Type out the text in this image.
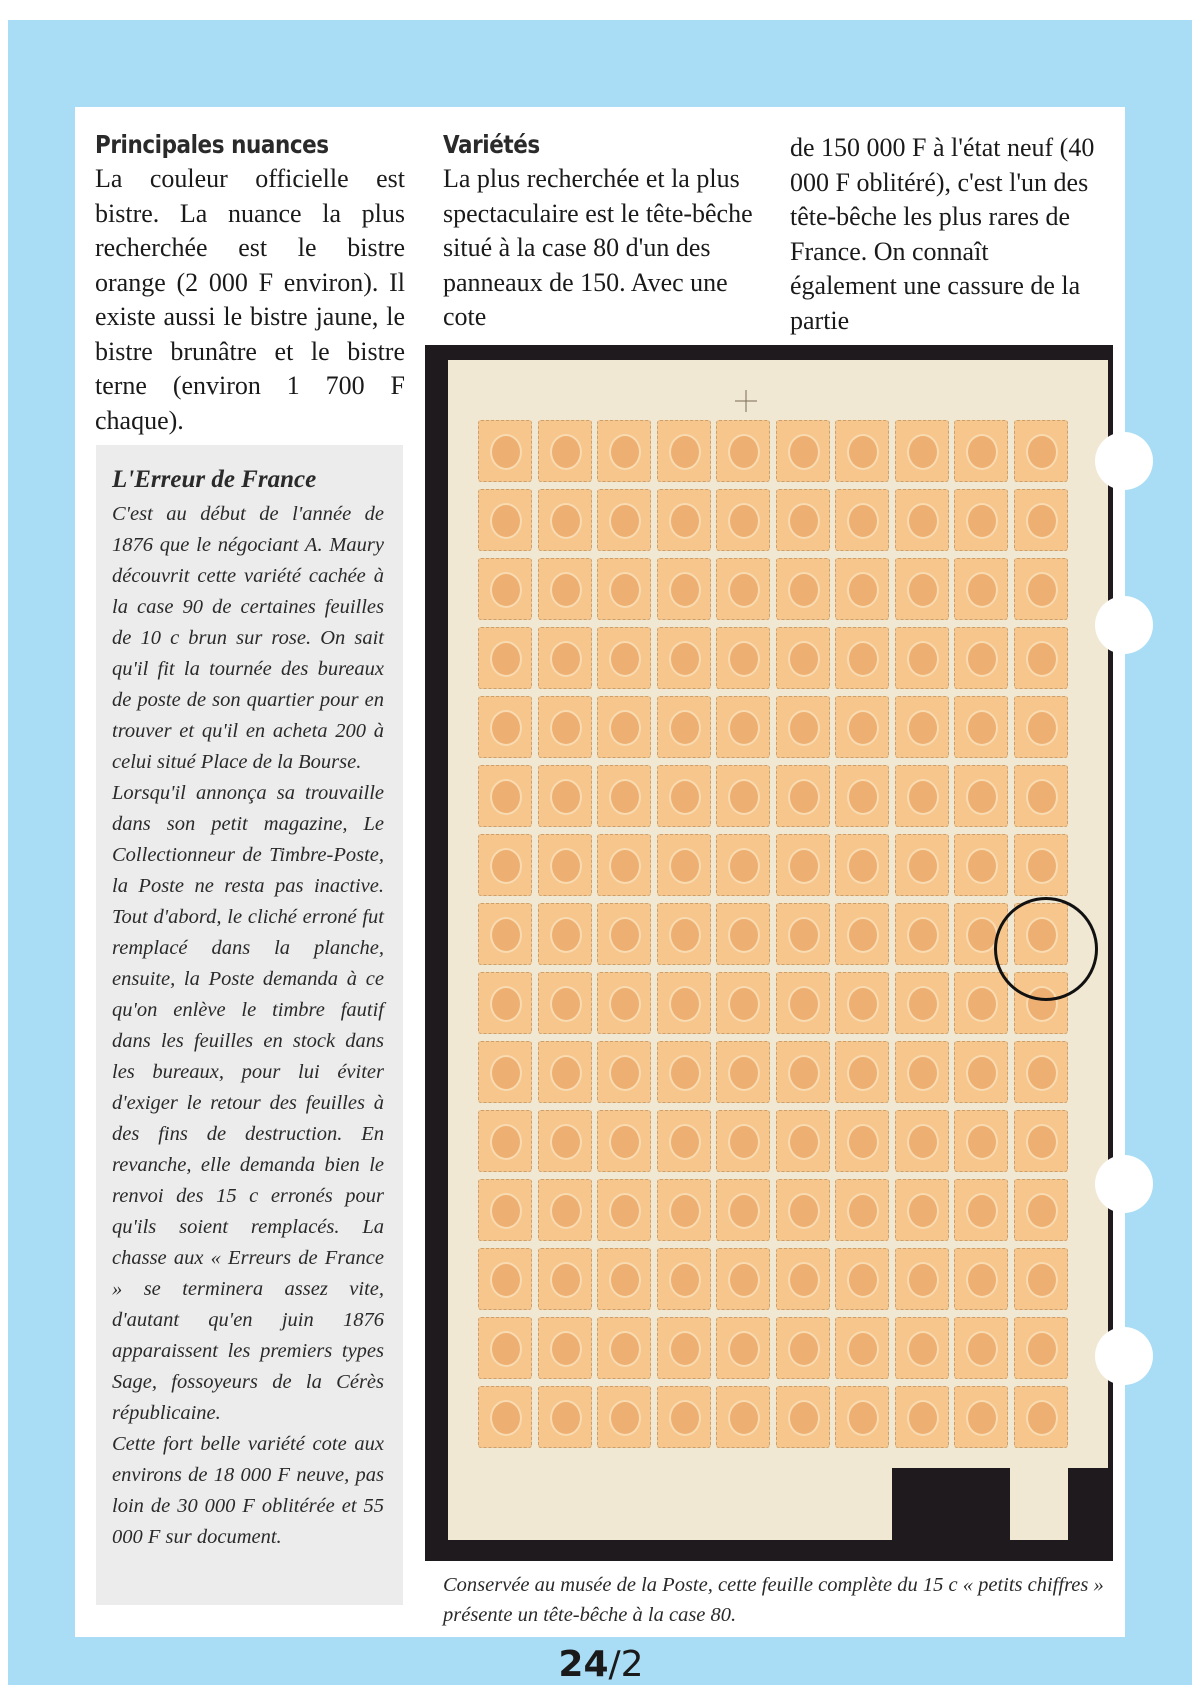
Principales nuances

La couleur officielle est bistre. La nuance la plus recherchée est le bistre orange (2 000 F environ). Il existe aussi le bistre jaune, le bistre brunâtre et le bistre terne (environ 1 700 F chaque).

Variétés

La plus recherchée et la plus spectaculaire est le tête-bêche situé à la case 80 d'un des panneaux de 150. Avec une cote

de 150 000 F à l'état neuf (40 000 F oblitéré), c'est l'un des tête-bêche les plus rares de France. On connaît également une cassure de la partie

L'Erreur de France

C'est au début de l'année de 1876 que le négociant A. Maury découvrit cette variété cachée à la case 90 de certaines feuilles de 10 c brun sur rose. On sait qu'il fit la tournée des bureaux de poste de son quartier pour en trouver et qu'il en acheta 200 à celui situé Place de la Bourse.

Lorsqu'il annonça sa trouvaille dans son petit magazine, Le Collectionneur de Timbre-Poste, la Poste ne resta pas inactive. Tout d'abord, le cliché erroné fut remplacé dans la planche, ensuite, la Poste demanda à ce qu'on enlève le timbre fautif dans les feuilles en stock dans les bureaux, pour lui éviter d'exiger le retour des feuilles à des fins de destruction. En revanche, elle demanda bien le renvoi des 15 c erronés pour qu'ils soient remplacés. La chasse aux « Erreurs de France » se terminera assez vite, d'autant qu'en juin 1876 apparaissent les premiers types Sage, fossoyeurs de la Cérès républicaine.

Cette fort belle variété cote aux environs de 18 000 F neuve, pas loin de 30 000 F oblitérée et 55 000 F sur document.

Conservée au musée de la Poste, cette feuille complète du 15 c « petits chiffres » présente un tête-bêche à la case 80.
24/2
